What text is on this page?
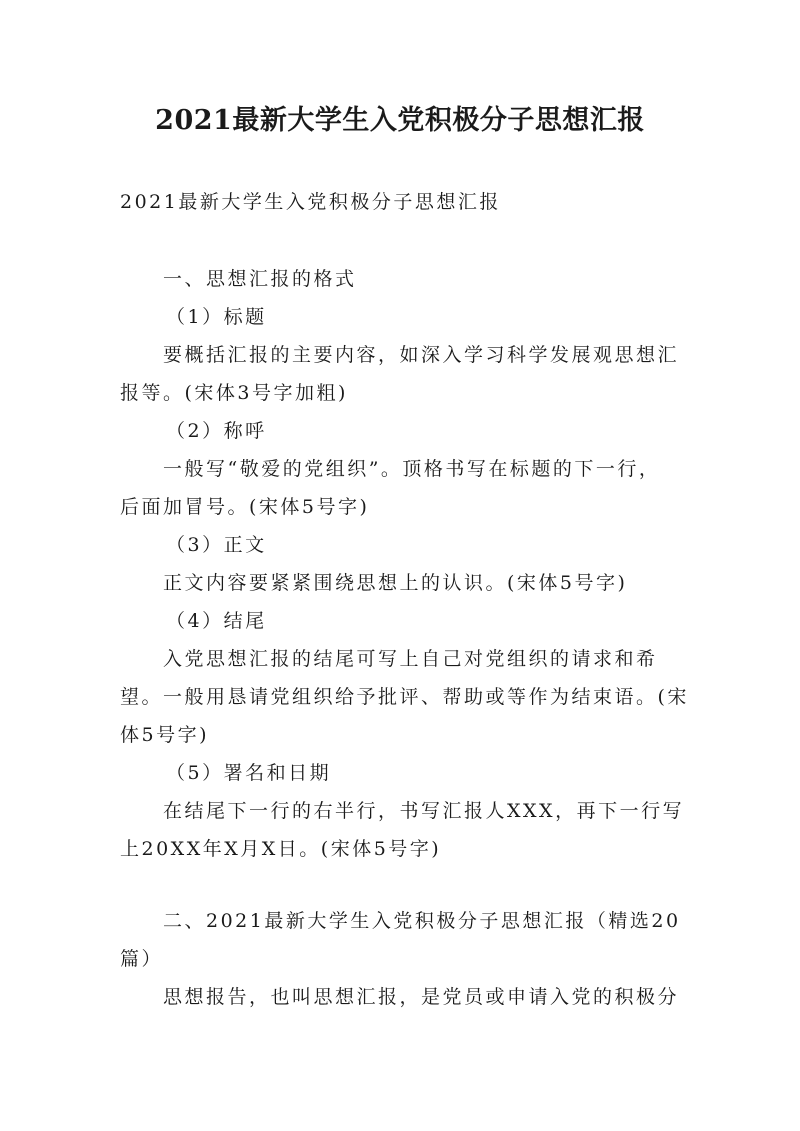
2021最新大学生入党积极分子思想汇报
2021最新大学生入党积极分子思想汇报
一、思想汇报的格式
（1）标题
要概括汇报的主要内容，如深入学习科学发展观思想汇
报等。(宋体3号字加粗)
（2）称呼
一般写“敬爱的党组织”。顶格书写在标题的下一行，
后面加冒号。(宋体5号字)
（3）正文
正文内容要紧紧围绕思想上的认识。(宋体5号字)
（4）结尾
入党思想汇报的结尾可写上自己对党组织的请求和希
望。一般用恳请党组织给予批评、帮助或等作为结束语。(宋
体5号字)
（5）署名和日期
在结尾下一行的右半行，书写汇报人XXX，再下一行写
上20XX年X月X日。(宋体5号字)
二、2021最新大学生入党积极分子思想汇报（精选20
篇）
思想报告，也叫思想汇报，是党员或申请入党的积极分
